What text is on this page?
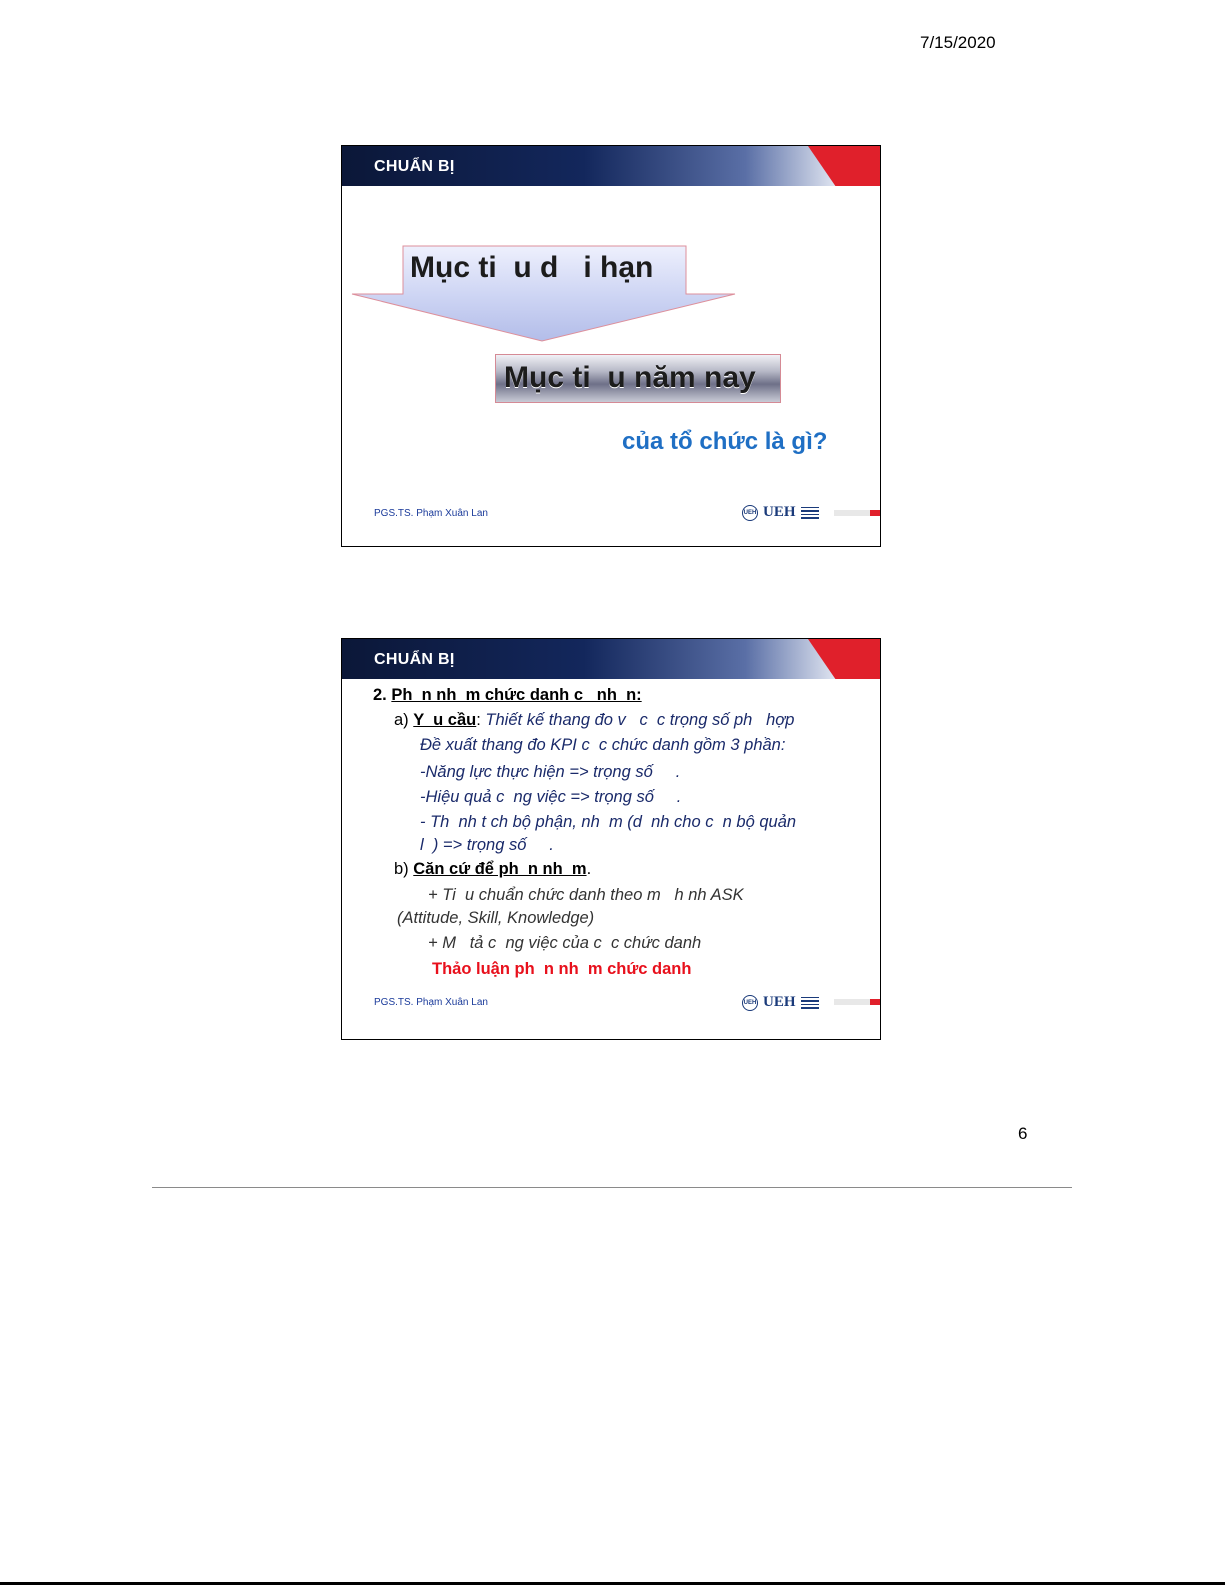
7/15/2020
CHUẨN BỊ
Mục ti  u d   i hạn
Mục ti  u năm nay
của tổ chức là gì?
PGS.TS. Phạm Xuân Lan	UEH UEH
CHUẨN BỊ
2. Ph  n nh  m chức danh c   nh  n:
a) Y  u cầu: Thiết kế thang đo v   c  c trọng số ph   hợp
Đề xuất thang đo KPI c  c chức danh gồm 3 phần:
-Năng lực thực hiện => trọng số     .
-Hiệu quả c  ng việc => trọng số     .
- Th  nh t ch bộ phận, nh  m (d  nh cho c  n bộ quản
l  ) => trọng số     .
b) Căn cứ để ph  n nh  m.
+ Ti  u chuẩn chức danh theo m   h nh ASK
(Attitude, Skill, Knowledge)
+ M   tả c  ng việc của c  c chức danh
Thảo luận ph  n nh  m chức danh
PGS.TS. Phạm Xuân Lan	UEH UEH
6
